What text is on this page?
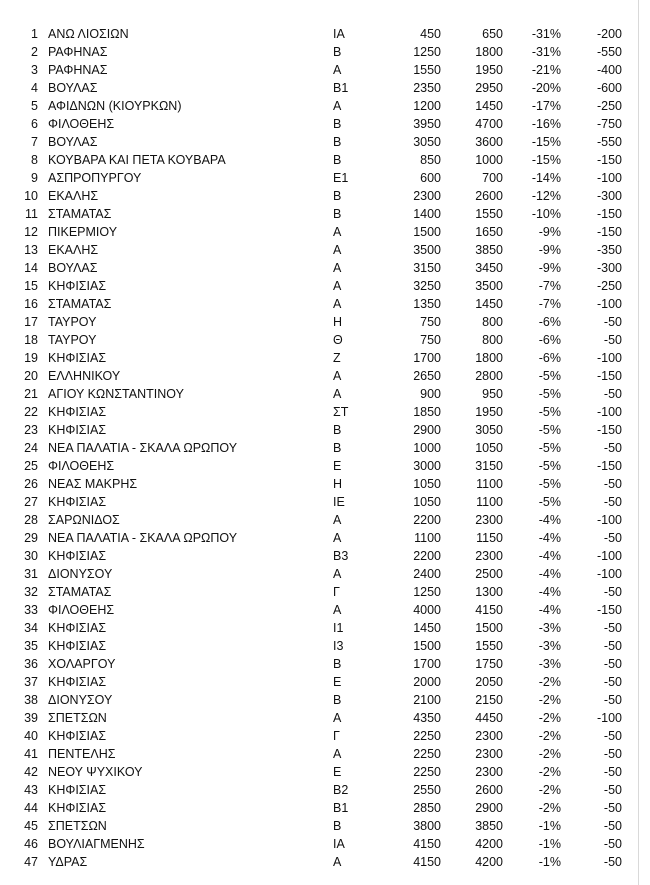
1 ΑΝΩ ΛΙΟΣΙΩΝ	ΙΑ	450	650	-31%	-200
2 ΡΑΦΗΝΑΣ	Β	1250	1800	-31%	-550
3 ΡΑΦΗΝΑΣ	Α	1550	1950	-21%	-400
4 ΒΟΥΛΑΣ	Β1	2350	2950	-20%	-600
5 ΑΦΙΔΝΩΝ (ΚΙΟΥΡΚΩΝ)	Α	1200	1450	-17%	-250
6 ΦΙΛΟΘΕΗΣ	Β	3950	4700	-16%	-750
7 ΒΟΥΛΑΣ	Β	3050	3600	-15%	-550
8 ΚΟΥΒΑΡΑ ΚΑΙ ΠΕΤΑ ΚΟΥΒΑΡΑ	Β	850	1000	-15%	-150
9 ΑΣΠΡΟΠΥΡΓΟΥ	Ε1	600	700	-14%	-100
10 ΕΚΑΛΗΣ	Β	2300	2600	-12%	-300
11 ΣΤΑΜΑΤΑΣ	Β	1400	1550	-10%	-150
12 ΠΙΚΕΡΜΙΟΥ	Α	1500	1650	-9%	-150
13 ΕΚΑΛΗΣ	Α	3500	3850	-9%	-350
14 ΒΟΥΛΑΣ	Α	3150	3450	-9%	-300
15 ΚΗΦΙΣΙΑΣ	Α	3250	3500	-7%	-250
16 ΣΤΑΜΑΤΑΣ	Α	1350	1450	-7%	-100
17 ΤΑΥΡΟΥ	Η	750	800	-6%	-50
18 ΤΑΥΡΟΥ	Θ	750	800	-6%	-50
19 ΚΗΦΙΣΙΑΣ	Ζ	1700	1800	-6%	-100
20 ΕΛΛΗΝΙΚΟΥ	Α	2650	2800	-5%	-150
21 ΑΓΙΟΥ ΚΩΝΣΤΑΝΤΙΝΟΥ	Α	900	950	-5%	-50
22 ΚΗΦΙΣΙΑΣ	ΣΤ	1850	1950	-5%	-100
23 ΚΗΦΙΣΙΑΣ	Β	2900	3050	-5%	-150
24 ΝΕΑ ΠΑΛΑΤΙΑ - ΣΚΑΛΑ ΩΡΩΠΟΥ	Β	1000	1050	-5%	-50
25 ΦΙΛΟΘΕΗΣ	Ε	3000	3150	-5%	-150
26 ΝΕΑΣ ΜΑΚΡΗΣ	Η	1050	1100	-5%	-50
27 ΚΗΦΙΣΙΑΣ	ΙΕ	1050	1100	-5%	-50
28 ΣΑΡΩΝΙΔΟΣ	Α	2200	2300	-4%	-100
29 ΝΕΑ ΠΑΛΑΤΙΑ - ΣΚΑΛΑ ΩΡΩΠΟΥ	Α	1100	1150	-4%	-50
30 ΚΗΦΙΣΙΑΣ	Β3	2200	2300	-4%	-100
31 ΔΙΟΝΥΣΟΥ	Α	2400	2500	-4%	-100
32 ΣΤΑΜΑΤΑΣ	Γ	1250	1300	-4%	-50
33 ΦΙΛΟΘΕΗΣ	Α	4000	4150	-4%	-150
34 ΚΗΦΙΣΙΑΣ	Ι1	1450	1500	-3%	-50
35 ΚΗΦΙΣΙΑΣ	Ι3	1500	1550	-3%	-50
36 ΧΟΛΑΡΓΟΥ	Β	1700	1750	-3%	-50
37 ΚΗΦΙΣΙΑΣ	Ε	2000	2050	-2%	-50
38 ΔΙΟΝΥΣΟΥ	Β	2100	2150	-2%	-50
39 ΣΠΕΤΣΩΝ	Α	4350	4450	-2%	-100
40 ΚΗΦΙΣΙΑΣ	Γ	2250	2300	-2%	-50
41 ΠΕΝΤΕΛΗΣ	Α	2250	2300	-2%	-50
42 ΝΕΟΥ ΨΥΧΙΚΟΥ	Ε	2250	2300	-2%	-50
43 ΚΗΦΙΣΙΑΣ	Β2	2550	2600	-2%	-50
44 ΚΗΦΙΣΙΑΣ	Β1	2850	2900	-2%	-50
45 ΣΠΕΤΣΩΝ	Β	3800	3850	-1%	-50
46 ΒΟΥΛΙΑΓΜΕΝΗΣ	ΙΑ	4150	4200	-1%	-50
47 ΥΔΡΑΣ	Α	4150	4200	-1%	-50
